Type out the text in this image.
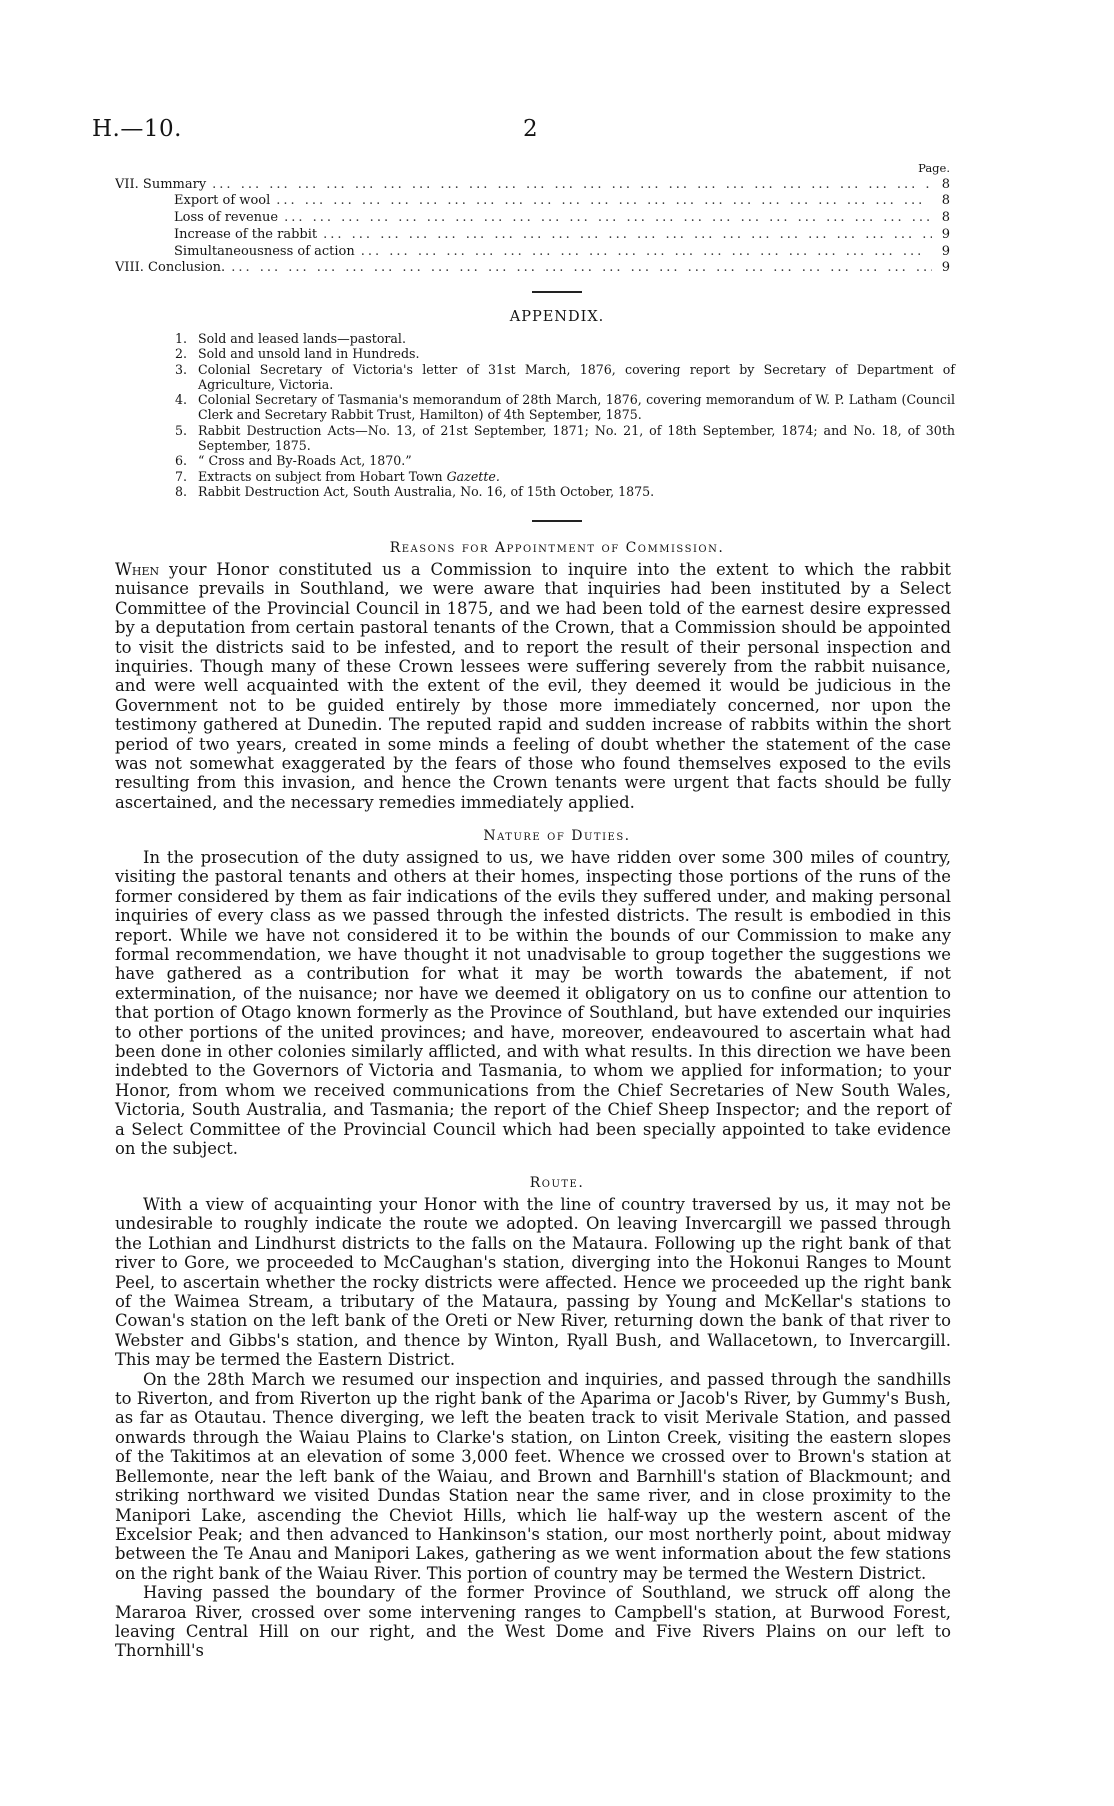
H.—10.	2
Page.
VII. Summary ... .	8
Export of wool ... .	8
Loss of revenue ... .	8
Increase of the rabbit ... .	9
Simultaneousness of action ... .	9
VIII. Conclusion. ... .	9
APPENDIX.
1. Sold and leased lands—pastoral.
2. Sold and unsold land in Hundreds.
3. Colonial Secretary of Victoria's letter of 31st March, 1876, covering report by Secretary of Department of Agriculture, Victoria.
4. Colonial Secretary of Tasmania's memorandum of 28th March, 1876, covering memorandum of W. P. Latham (Council Clerk and Secretary Rabbit Trust, Hamilton) of 4th September, 1875.
5. Rabbit Destruction Acts—No. 13, of 21st September, 1871; No. 21, of 18th September, 1874; and No. 18, of 30th September, 1875.
6. “ Cross and By-Roads Act, 1870.”
7. Extracts on subject from Hobart Town Gazette.
8. Rabbit Destruction Act, South Australia, No. 16, of 15th October, 1875.
Reasons for Appointment of Commission.

When your Honor constituted us a Commission to inquire into the extent to which the rabbit nuisance prevails in Southland, we were aware that inquiries had been instituted by a Select Committee of the Provincial Council in 1875, and we had been told of the earnest desire expressed by a deputation from certain pastoral tenants of the Crown, that a Commission should be appointed to visit the districts said to be infested, and to report the result of their personal inspection and inquiries. Though many of these Crown lessees were suffering severely from the rabbit nuisance, and were well acquainted with the extent of the evil, they deemed it would be judicious in the Government not to be guided entirely by those more immediately concerned, nor upon the testimony gathered at Dunedin. The reputed rapid and sudden increase of rabbits within the short period of two years, created in some minds a feeling of doubt whether the statement of the case was not somewhat exaggerated by the fears of those who found themselves exposed to the evils resulting from this invasion, and hence the Crown tenants were urgent that facts should be fully ascertained, and the necessary remedies immediately applied.

Nature of Duties.

In the prosecution of the duty assigned to us, we have ridden over some 300 miles of country, visiting the pastoral tenants and others at their homes, inspecting those portions of the runs of the former considered by them as fair indications of the evils they suffered under, and making personal inquiries of every class as we passed through the infested districts. The result is embodied in this report. While we have not considered it to be within the bounds of our Commission to make any formal recommendation, we have thought it not unadvisable to group together the suggestions we have gathered as a contribution for what it may be worth towards the abatement, if not extermination, of the nuisance; nor have we deemed it obligatory on us to confine our attention to that portion of Otago known formerly as the Province of Southland, but have extended our inquiries to other portions of the united provinces; and have, moreover, endeavoured to ascertain what had been done in other colonies similarly afflicted, and with what results. In this direction we have been indebted to the Governors of Victoria and Tasmania, to whom we applied for information; to your Honor, from whom we received communications from the Chief Secretaries of New South Wales, Victoria, South Australia, and Tasmania; the report of the Chief Sheep Inspector; and the report of a Select Committee of the Provincial Council which had been specially appointed to take evidence on the subject.

Route.

With a view of acquainting your Honor with the line of country traversed by us, it may not be undesirable to roughly indicate the route we adopted. On leaving Invercargill we passed through the Lothian and Lindhurst districts to the falls on the Mataura. Following up the right bank of that river to Gore, we proceeded to McCaughan's station, diverging into the Hokonui Ranges to Mount Peel, to ascertain whether the rocky districts were affected. Hence we proceeded up the right bank of the Waimea Stream, a tributary of the Mataura, passing by Young and McKellar's stations to Cowan's station on the left bank of the Oreti or New River, returning down the bank of that river to Webster and Gibbs's station, and thence by Winton, Ryall Bush, and Wallacetown, to Invercargill. This may be termed the Eastern District.

On the 28th March we resumed our inspection and inquiries, and passed through the sandhills to Riverton, and from Riverton up the right bank of the Aparima or Jacob's River, by Gummy's Bush, as far as Otautau. Thence diverging, we left the beaten track to visit Merivale Station, and passed onwards through the Waiau Plains to Clarke's station, on Linton Creek, visiting the eastern slopes of the Takitimos at an elevation of some 3,000 feet. Whence we crossed over to Brown's station at Bellemonte, near the left bank of the Waiau, and Brown and Barnhill's station of Blackmount; and striking northward we visited Dundas Station near the same river, and in close proximity to the Manipori Lake, ascending the Cheviot Hills, which lie half-way up the western ascent of the Excelsior Peak; and then advanced to Hankinson's station, our most northerly point, about midway between the Te Anau and Manipori Lakes, gathering as we went information about the few stations on the right bank of the Waiau River. This portion of country may be termed the Western District.

Having passed the boundary of the former Province of Southland, we struck off along the Mararoa River, crossed over some intervening ranges to Campbell's station, at Burwood Forest, leaving Central Hill on our right, and the West Dome and Five Rivers Plains on our left to Thornhill's
